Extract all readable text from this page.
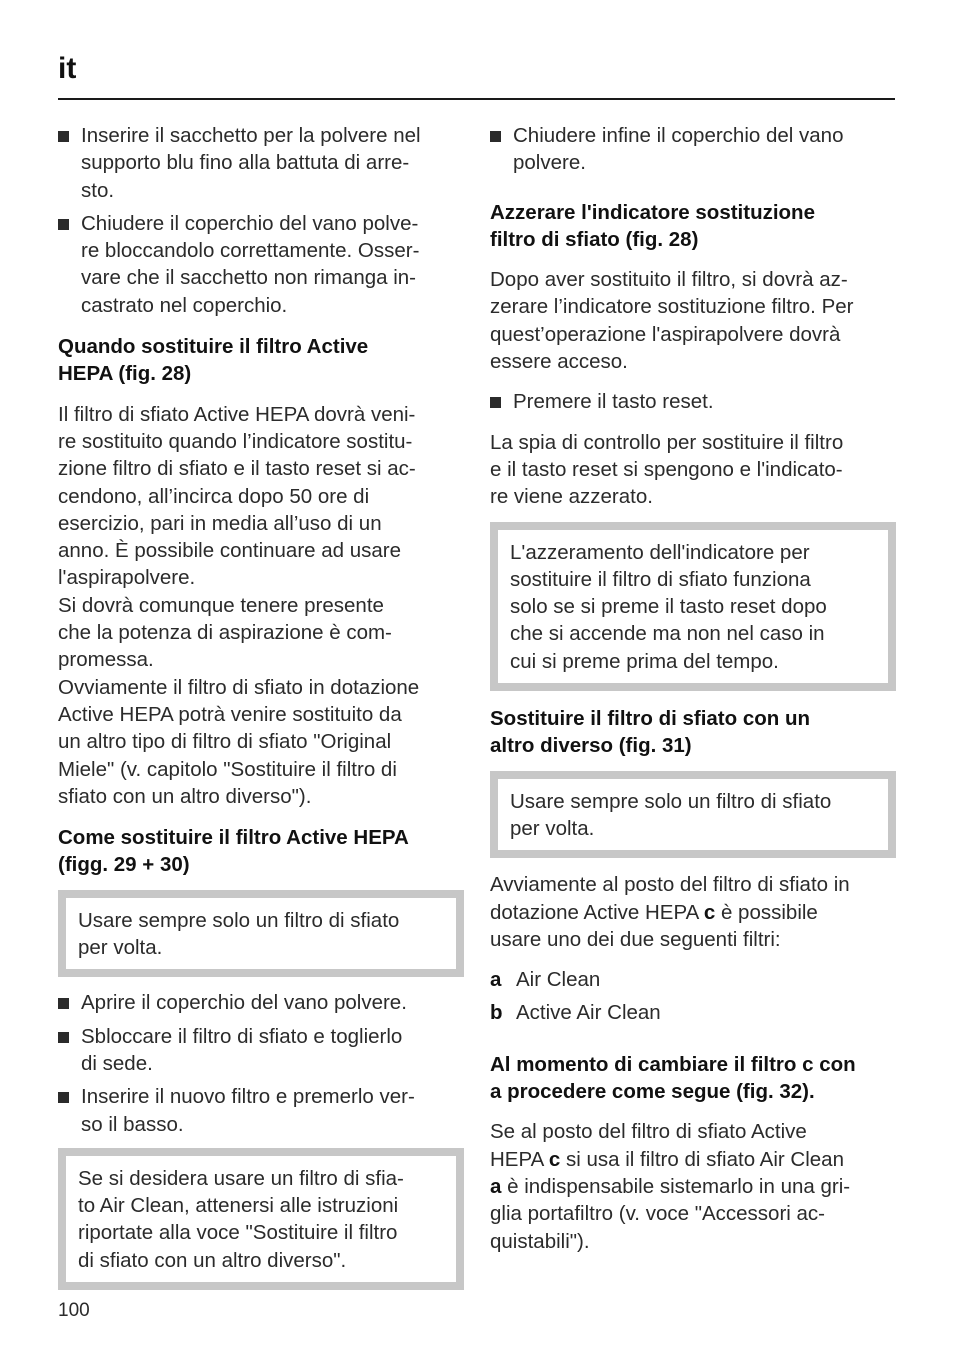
it
Inserire il sacchetto per la polvere nel
supporto blu fino alla battuta di arre-
sto.
Chiudere il coperchio del vano polve-
re bloccandolo correttamente. Osser-
vare che il sacchetto non rimanga in-
castrato nel coperchio.
Quando sostituire il filtro Active
HEPA (fig. 28)
Il filtro di sfiato Active HEPA dovrà veni-
re sostituito quando l’indicatore sostitu-
zione filtro di sfiato e il tasto reset si ac-
cendono, all’incirca dopo 50 ore di
esercizio, pari in media all’uso di un
anno. È possibile continuare ad usare
l'aspirapolvere.
Si dovrà comunque tenere presente
che la potenza di aspirazione è com-
promessa.
Ovviamente il filtro di sfiato in dotazione
Active HEPA potrà venire sostituito da
un altro tipo di filtro di sfiato "Original
Miele" (v. capitolo "Sostituire il filtro di
sfiato con un altro diverso").
Come sostituire il filtro Active HEPA
(figg. 29 + 30)
Usare sempre solo un filtro di sfiato
per volta.
Aprire il coperchio del vano polvere.
Sbloccare il filtro di sfiato e toglierlo
di sede.
Inserire il nuovo filtro e premerlo ver-
so il basso.
Se si desidera usare un filtro di sfia-
to Air Clean, attenersi alle istruzioni
riportate alla voce "Sostituire il filtro
di sfiato con un altro diverso".
Chiudere infine il coperchio del vano
polvere.
Azzerare l'indicatore sostituzione
filtro di sfiato (fig. 28)
Dopo aver sostituito il filtro, si dovrà az-
zerare l’indicatore sostituzione filtro. Per
quest’operazione l'aspirapolvere dovrà
essere acceso.
Premere il tasto reset.
La spia di controllo per sostituire il filtro
e il tasto reset si spengono e l'indicato-
re viene azzerato.
L'azzeramento dell'indicatore per
sostituire il filtro di sfiato funziona
solo se si preme il tasto reset dopo
che si accende ma non nel caso in
cui si preme prima del tempo.
Sostituire il filtro di sfiato con un
altro diverso (fig. 31)
Usare sempre solo un filtro di sfiato
per volta.
Avviamente al posto del filtro di sfiato in
dotazione Active HEPA c è possibile
usare uno dei due seguenti filtri:
a Air Clean
b Active Air Clean
Al momento di cambiare il filtro c con
a procedere come segue (fig. 32).
Se al posto del filtro di sfiato Active
HEPA c si usa il filtro di sfiato Air Clean
a è indispensabile sistemarlo in una gri-
glia portafiltro (v. voce "Accessori ac-
quistabili").
100
